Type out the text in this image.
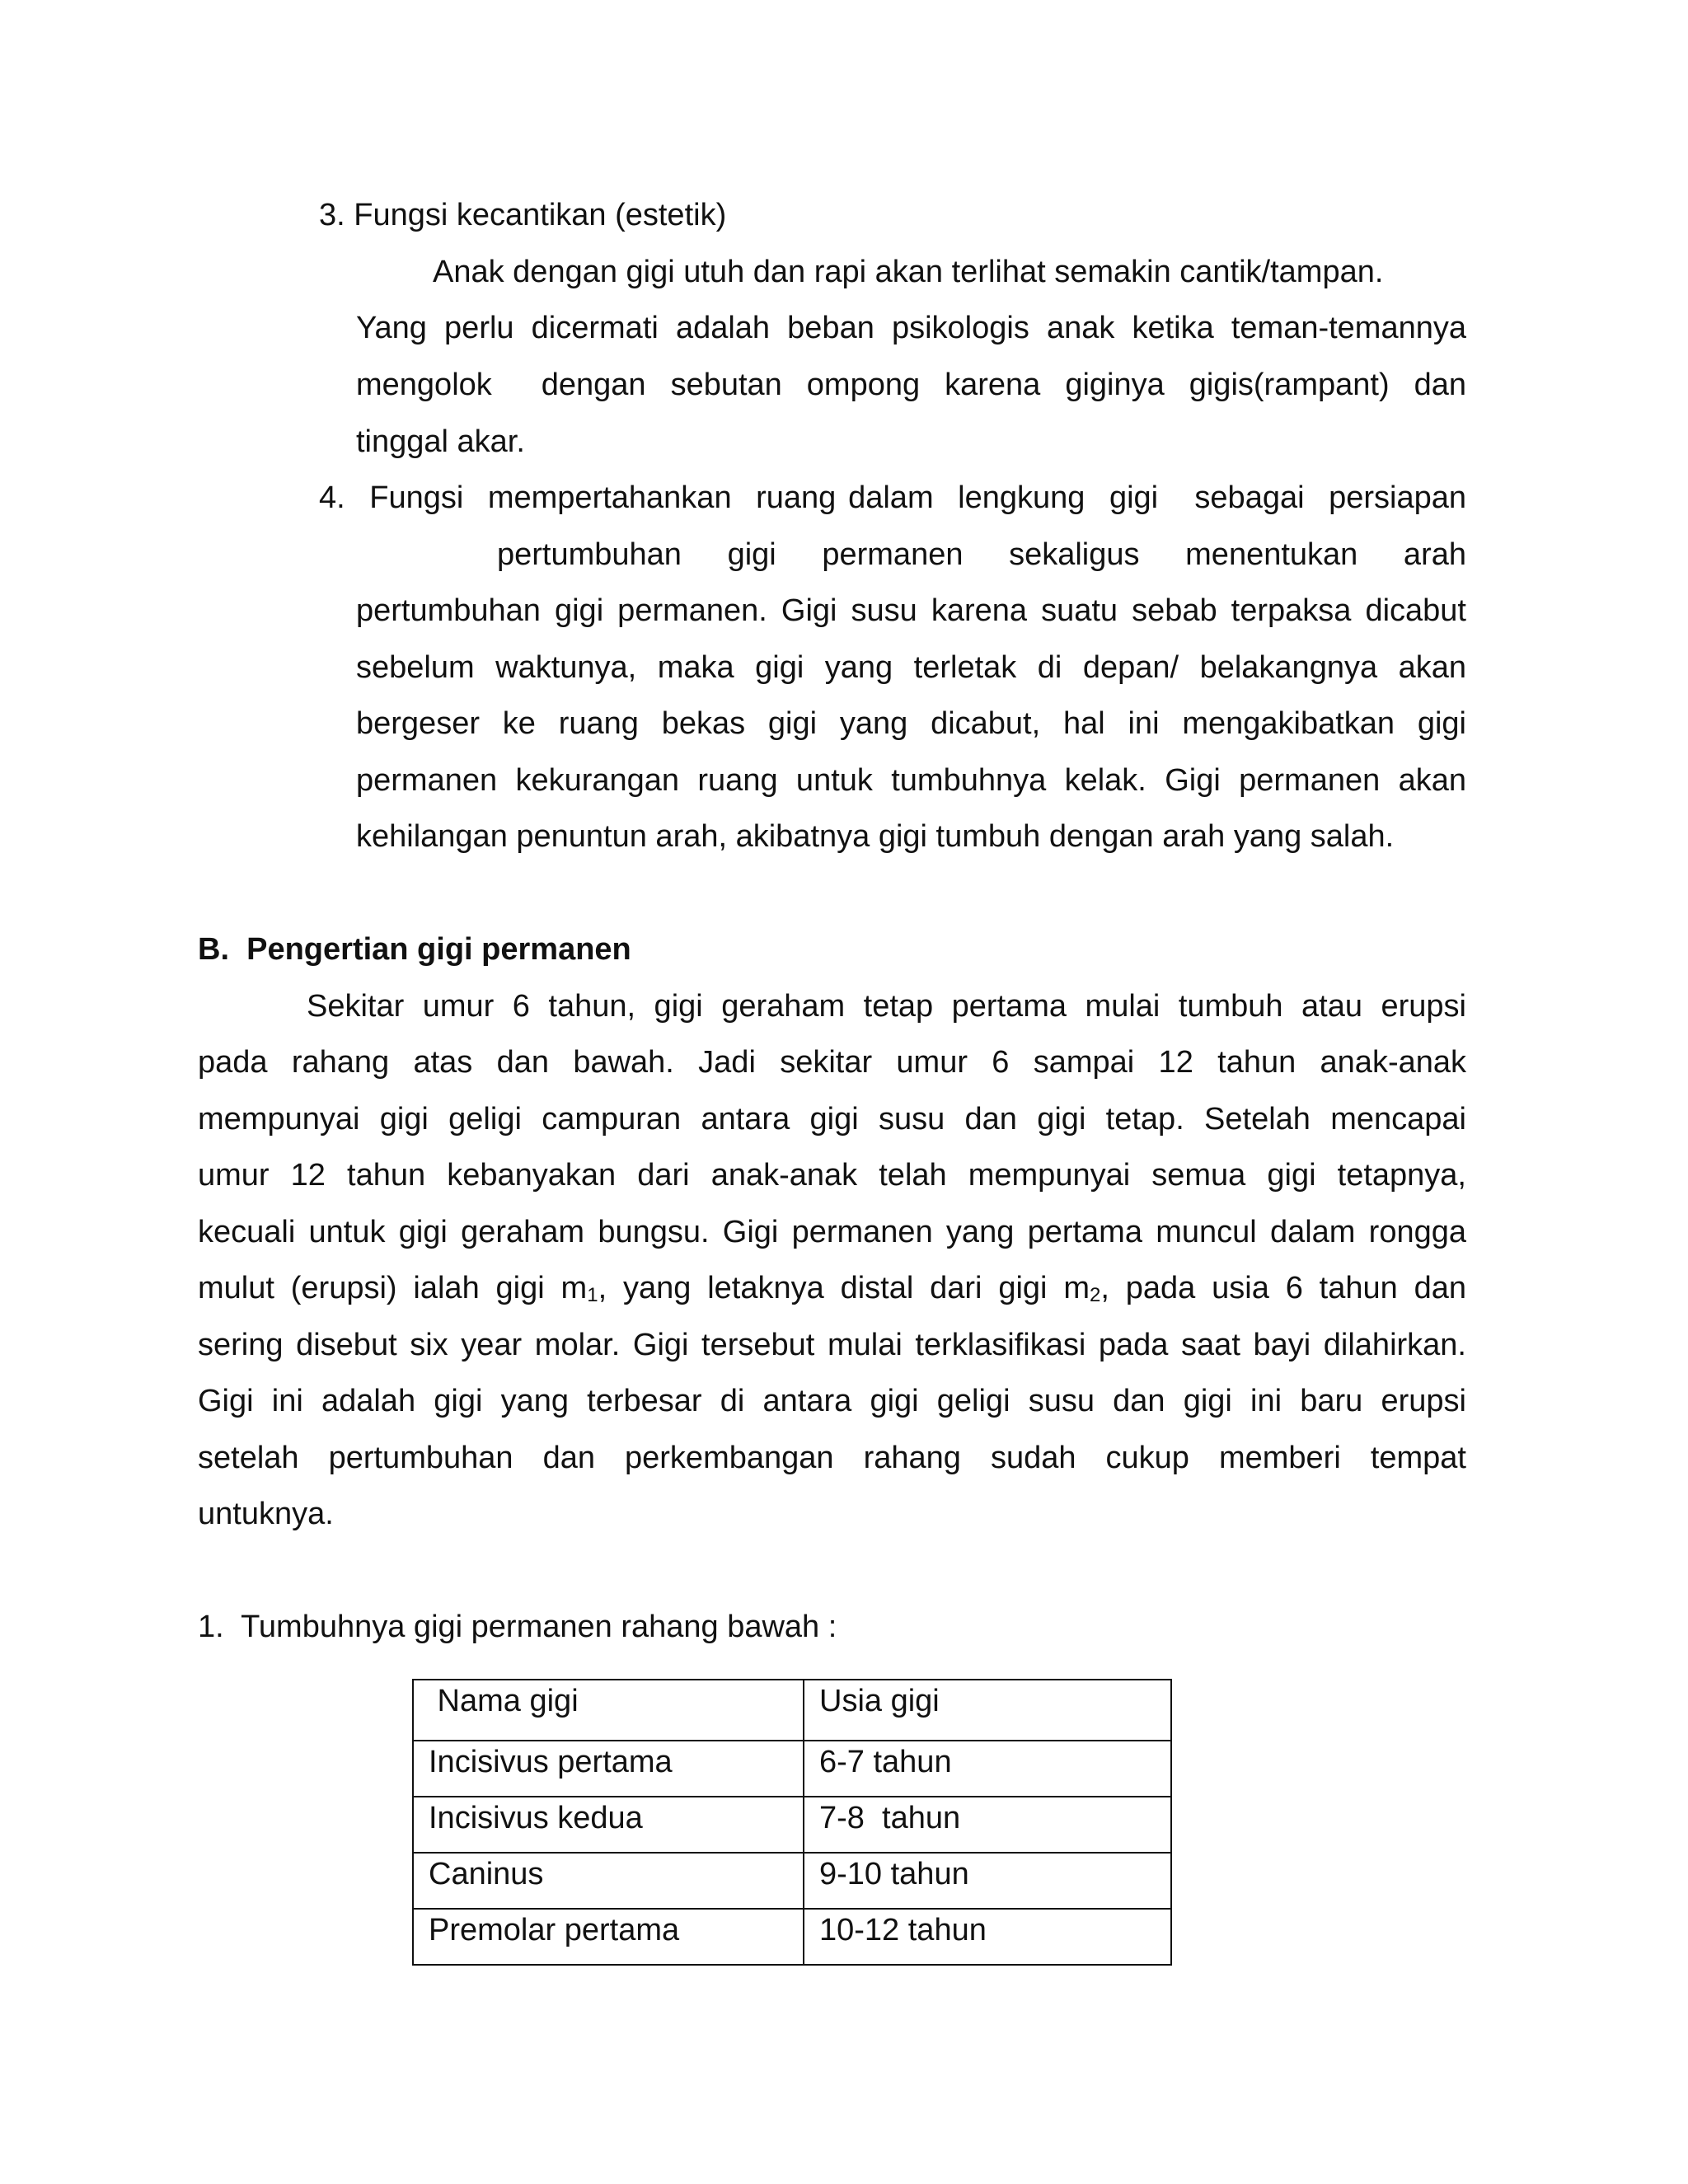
3. Fungsi kecantikan (estetik)
Anak dengan gigi utuh dan rapi akan terlihat semakin cantik/tampan.
Yang perlu dicermati adalah beban psikologis anak ketika teman-temannya
mengolok  dengan sebutan ompong karena giginya gigis(rampant) dan
tinggal akar.
4.  Fungsi  mempertahankan  ruang dalam  lengkung  gigi   sebagai  persiapan
pertumbuhan gigi permanen sekaligus menentukan arah
pertumbuhan gigi permanen. Gigi susu karena suatu sebab terpaksa dicabut
sebelum waktunya, maka gigi yang terletak di depan/ belakangnya akan
bergeser ke ruang bekas gigi yang dicabut, hal ini mengakibatkan gigi
permanen kekurangan ruang untuk tumbuhnya kelak. Gigi permanen akan
kehilangan penuntun arah, akibatnya gigi tumbuh dengan arah yang salah.
B.  Pengertian gigi permanen
Sekitar umur 6 tahun, gigi geraham tetap pertama mulai tumbuh atau erupsi
pada rahang atas dan bawah. Jadi sekitar umur 6 sampai 12 tahun anak-anak
mempunyai gigi geligi campuran antara gigi susu dan gigi tetap. Setelah mencapai
umur 12 tahun kebanyakan dari anak-anak telah mempunyai semua gigi tetapnya,
kecuali untuk gigi geraham bungsu. Gigi permanen yang pertama muncul dalam rongga
mulut (erupsi) ialah gigi $m_1$, yang letaknya distal dari gigi $m_2$, pada usia 6 tahun dan
sering disebut six year molar. Gigi tersebut mulai terklasifikasi pada saat bayi dilahirkan.
Gigi ini adalah gigi yang terbesar di antara gigi geligi susu dan gigi ini baru erupsi
setelah pertumbuhan dan perkembangan rahang sudah cukup memberi tempat
untuknya.
1.  Tumbuhnya gigi permanen rahang bawah :
Nama gigi	Usia gigi
Incisivus pertama	6-7 tahun
Incisivus kedua	7-8  tahun
Caninus	9-10 tahun
Premolar pertama	10-12 tahun
